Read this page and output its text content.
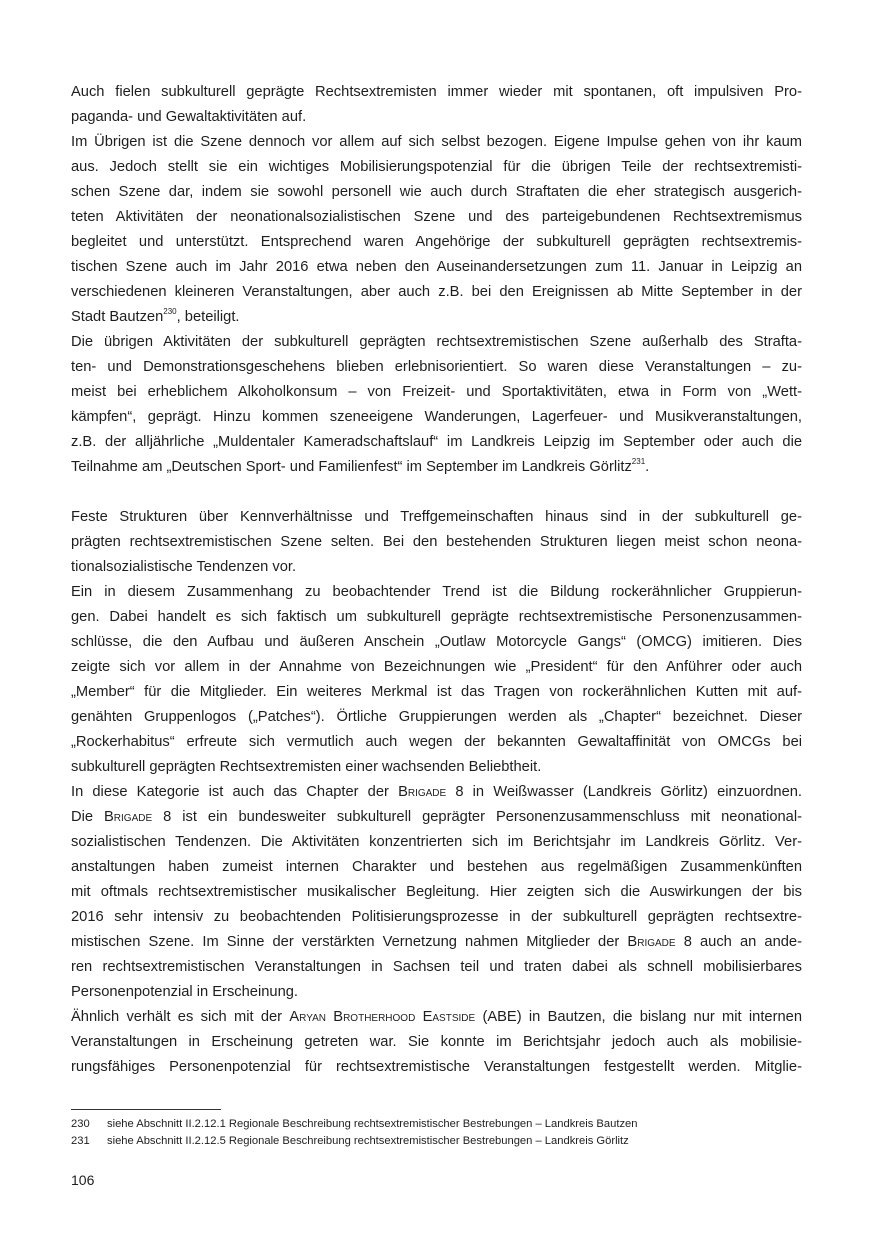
Auch fielen subkulturell geprägte Rechtsextremisten immer wieder mit spontanen, oft impulsiven Pro-
paganda- und Gewaltaktivitäten auf.
Im Übrigen ist die Szene dennoch vor allem auf sich selbst bezogen. Eigene Impulse gehen von ihr kaum
aus. Jedoch stellt sie ein wichtiges Mobilisierungspotenzial für die übrigen Teile der rechtsextremisti-
schen Szene dar, indem sie sowohl personell wie auch durch Straftaten die eher strategisch ausgerich-
teten Aktivitäten der neonationalsozialistischen Szene und des parteigebundenen Rechtsextremismus
begleitet und unterstützt. Entsprechend waren Angehörige der subkulturell geprägten rechtsextremis-
tischen Szene auch im Jahr 2016 etwa neben den Auseinandersetzungen zum 11. Januar in Leipzig an
verschiedenen kleineren Veranstaltungen, aber auch z.B. bei den Ereignissen ab Mitte September in der
Stadt Bautzen$^{230}$, beteiligt.
Die übrigen Aktivitäten der subkulturell geprägten rechtsextremistischen Szene außerhalb des Strafta-
ten- und Demonstrationsgeschehens blieben erlebnisorientiert. So waren diese Veranstaltungen – zu-
meist bei erheblichem Alkoholkonsum – von Freizeit- und Sportaktivitäten, etwa in Form von „Wett-
kämpfen“, geprägt. Hinzu kommen szeneeigene Wanderungen, Lagerfeuer- und Musikveranstaltungen,
z.B. der alljährliche „Muldentaler Kameradschaftslauf“ im Landkreis Leipzig im September oder auch die
Teilnahme am „Deutschen Sport- und Familienfest“ im September im Landkreis Görlitz$^{231}$.
Feste Strukturen über Kennverhältnisse und Treffgemeinschaften hinaus sind in der subkulturell ge-
prägten rechtsextremistischen Szene selten. Bei den bestehenden Strukturen liegen meist schon neona-
tionalsozialistische Tendenzen vor.
Ein in diesem Zusammenhang zu beobachtender Trend ist die Bildung rockerähnlicher Gruppierun-
gen. Dabei handelt es sich faktisch um subkulturell geprägte rechtsextremistische Personenzusammen-
schlüsse, die den Aufbau und äußeren Anschein „Outlaw Motorcycle Gangs“ (OMCG) imitieren. Dies
zeigte sich vor allem in der Annahme von Bezeichnungen wie „President“ für den Anführer oder auch
„Member“ für die Mitglieder. Ein weiteres Merkmal ist das Tragen von rockerähnlichen Kutten mit auf-
genähten Gruppenlogos („Patches“). Örtliche Gruppierungen werden als „Chapter“ bezeichnet. Dieser
„Rockerhabitus“ erfreute sich vermutlich auch wegen der bekannten Gewaltaffinität von OMCGs bei
subkulturell geprägten Rechtsextremisten einer wachsenden Beliebtheit.
In diese Kategorie ist auch das Chapter der Brigade 8 in Weißwasser (Landkreis Görlitz) einzuordnen.
Die Brigade 8 ist ein bundesweiter subkulturell geprägter Personenzusammenschluss mit neonational-
sozialistischen Tendenzen. Die Aktivitäten konzentrierten sich im Berichtsjahr im Landkreis Görlitz. Ver-
anstaltungen haben zumeist internen Charakter und bestehen aus regelmäßigen Zusammenkünften
mit oftmals rechtsextremistischer musikalischer Begleitung. Hier zeigten sich die Auswirkungen der bis
2016 sehr intensiv zu beobachtenden Politisierungsprozesse in der subkulturell geprägten rechtsextre-
mistischen Szene. Im Sinne der verstärkten Vernetzung nahmen Mitglieder der Brigade 8 auch an ande-
ren rechtsextremistischen Veranstaltungen in Sachsen teil und traten dabei als schnell mobilisierbares
Personenpotenzial in Erscheinung.
Ähnlich verhält es sich mit der Aryan Brotherhood Eastside (ABE) in Bautzen, die bislang nur mit internen
Veranstaltungen in Erscheinung getreten war. Sie konnte im Berichtsjahr jedoch auch als mobilisie-
rungsfähiges Personenpotenzial für rechtsextremistische Veranstaltungen festgestellt werden. Mitglie-
230 siehe Abschnitt II.2.12.1 Regionale Beschreibung rechtsextremistischer Bestrebungen – Landkreis Bautzen
231 siehe Abschnitt II.2.12.5 Regionale Beschreibung rechtsextremistischer Bestrebungen – Landkreis Görlitz
106
